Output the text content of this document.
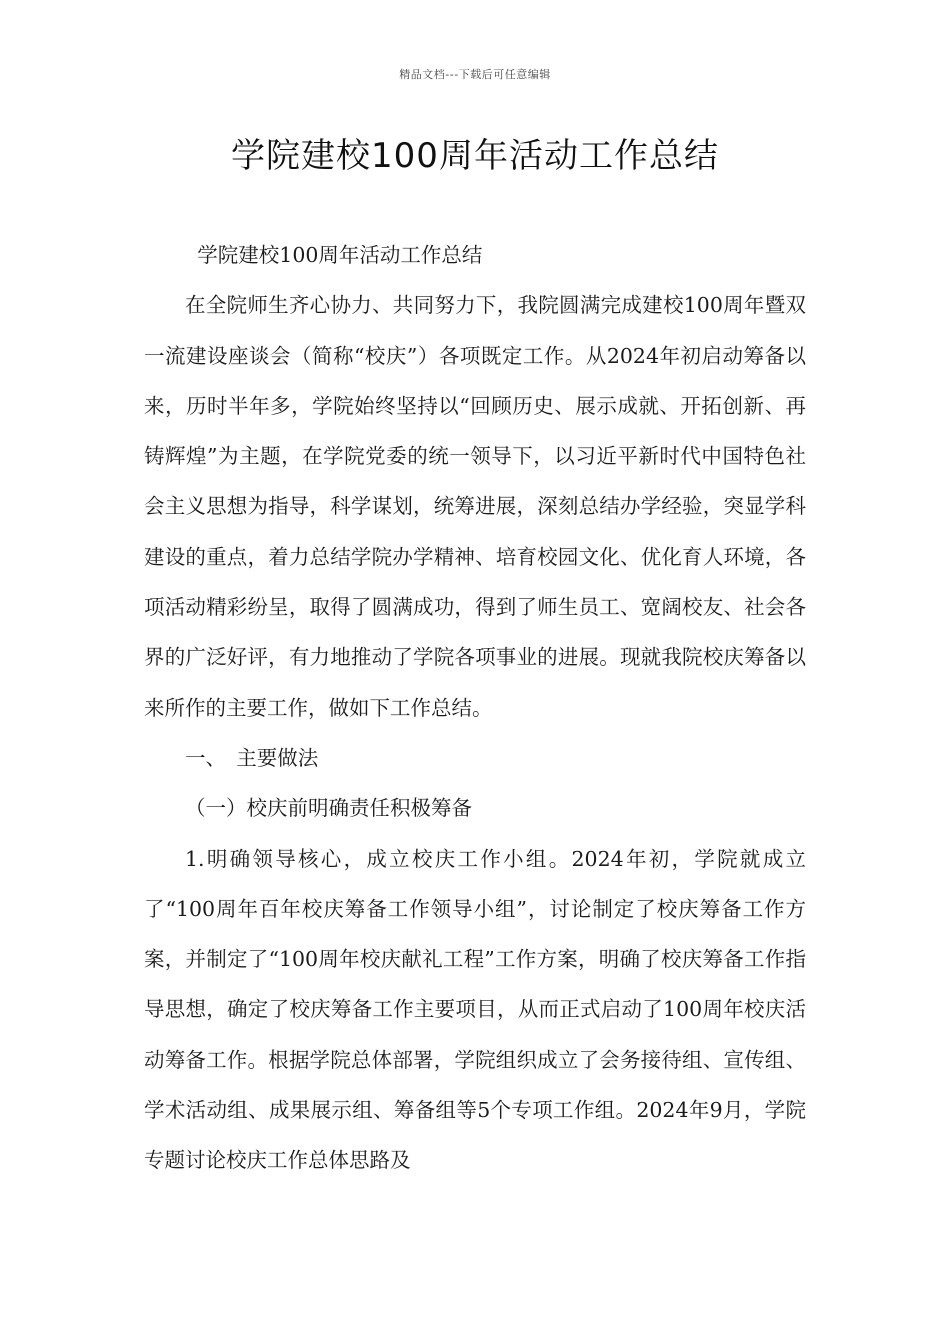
精品文档---下载后可任意编辑
学院建校100周年活动工作总结

学院建校100周年活动工作总结

在全院师生齐心协力、共同努力下，我院圆满完成建校100周年暨双一流建设座谈会（简称“校庆”）各项既定工作。从2024年初启动筹备以来，历时半年多，学院始终坚持以“回顾历史、展示成就、开拓创新、再铸辉煌”为主题，在学院党委的统一领导下，以习近平新时代中国特色社会主义思想为指导，科学谋划，统筹进展，深刻总结办学经验，突显学科建设的重点，着力总结学院办学精神、培育校园文化、优化育人环境，各项活动精彩纷呈，取得了圆满成功，得到了师生员工、宽阔校友、社会各界的广泛好评，有力地推动了学院各项事业的进展。现就我院校庆筹备以来所作的主要工作，做如下工作总结。

一、　主要做法

（一）校庆前明确责任积极筹备

1.明确领导核心，成立校庆工作小组。2024年初，学院就成立了“100周年百年校庆筹备工作领导小组”，讨论制定了校庆筹备工作方案，并制定了“100周年校庆献礼工程”工作方案，明确了校庆筹备工作指导思想，确定了校庆筹备工作主要项目，从而正式启动了100周年校庆活动筹备工作。根据学院总体部署，学院组织成立了会务接待组、宣传组、学术活动组、成果展示组、筹备组等5个专项工作组。2024年9月，学院专题讨论校庆工作总体思路及
